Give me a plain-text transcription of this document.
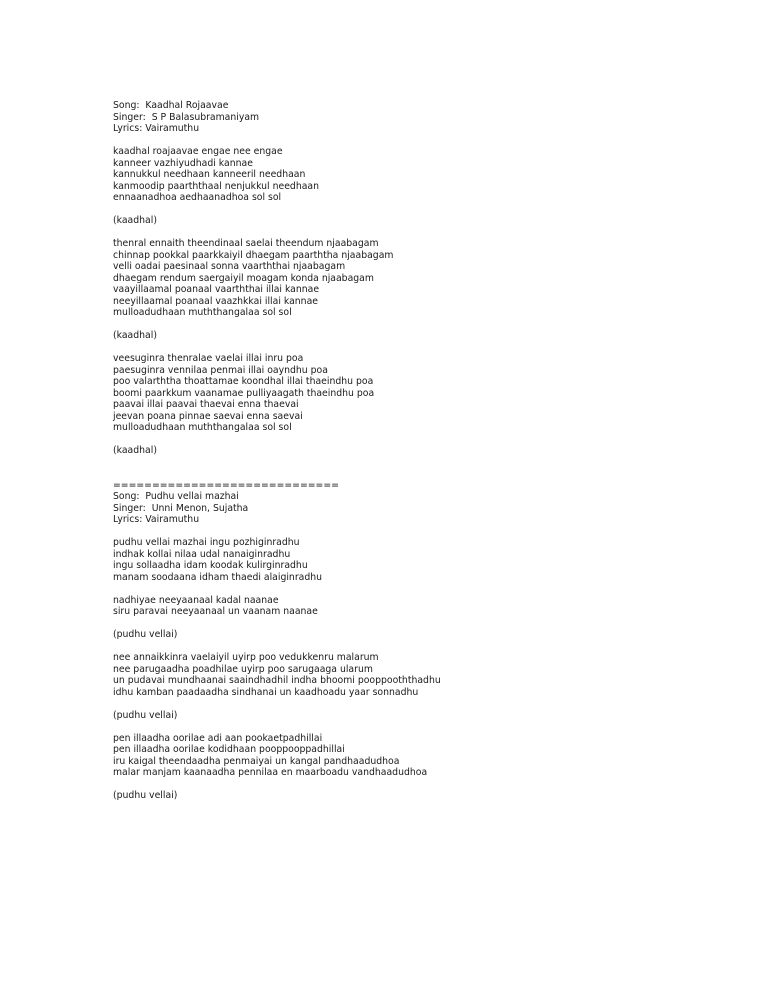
Song:  Kaadhal Rojaavae
Singer:  S P Balasubramaniyam
Lyrics: Vairamuthu
kaadhal roajaavae engae nee engae
kanneer vazhiyudhadi kannae
kannukkul needhaan kanneeril needhaan
kanmoodip paarththaal nenjukkul needhaan
ennaanadhoa aedhaanadhoa sol sol
(kaadhal)
thenral ennaith theendinaal saelai theendum njaabagam
chinnap pookkal paarkkaiyil dhaegam paarththa njaabagam
velli oadai paesinaal sonna vaarththai njaabagam
dhaegam rendum saergaiyil moagam konda njaabagam
vaayillaamal poanaal vaarththai illai kannae
neeyillaamal poanaal vaazhkkai illai kannae
mulloadudhaan muththangalaa sol sol
(kaadhal)
veesuginra thenralae vaelai illai inru poa
paesuginra vennilaa penmai illai oayndhu poa
poo valarththa thoattamae koondhal illai thaeindhu poa
boomi paarkkum vaanamae pulliyaagath thaeindhu poa
paavai illai paavai thaevai enna thaevai
jeevan poana pinnae saevai enna saevai
mulloadudhaan muththangalaa sol sol
(kaadhal)
=============================
Song:  Pudhu vellai mazhai
Singer:  Unni Menon, Sujatha
Lyrics: Vairamuthu
pudhu vellai mazhai ingu pozhiginradhu
indhak kollai nilaa udal nanaiginradhu
ingu sollaadha idam koodak kulirginradhu
manam soodaana idham thaedi alaiginradhu
nadhiyae neeyaanaal kadal naanae
siru paravai neeyaanaal un vaanam naanae
(pudhu vellai)
nee annaikkinra vaelaiyil uyirp poo vedukkenru malarum
nee parugaadha poadhilae uyirp poo sarugaaga ularum
un pudavai mundhaanai saaindhadhil indha bhoomi pooppooththadhu
idhu kamban paadaadha sindhanai un kaadhoadu yaar sonnadhu
(pudhu vellai)
pen illaadha oorilae adi aan pookaetpadhillai
pen illaadha oorilae kodidhaan pooppooppadhillai
iru kaigal theendaadha penmaiyai un kangal pandhaadudhoa
malar manjam kaanaadha pennilaa en maarboadu vandhaadudhoa
(pudhu vellai)
